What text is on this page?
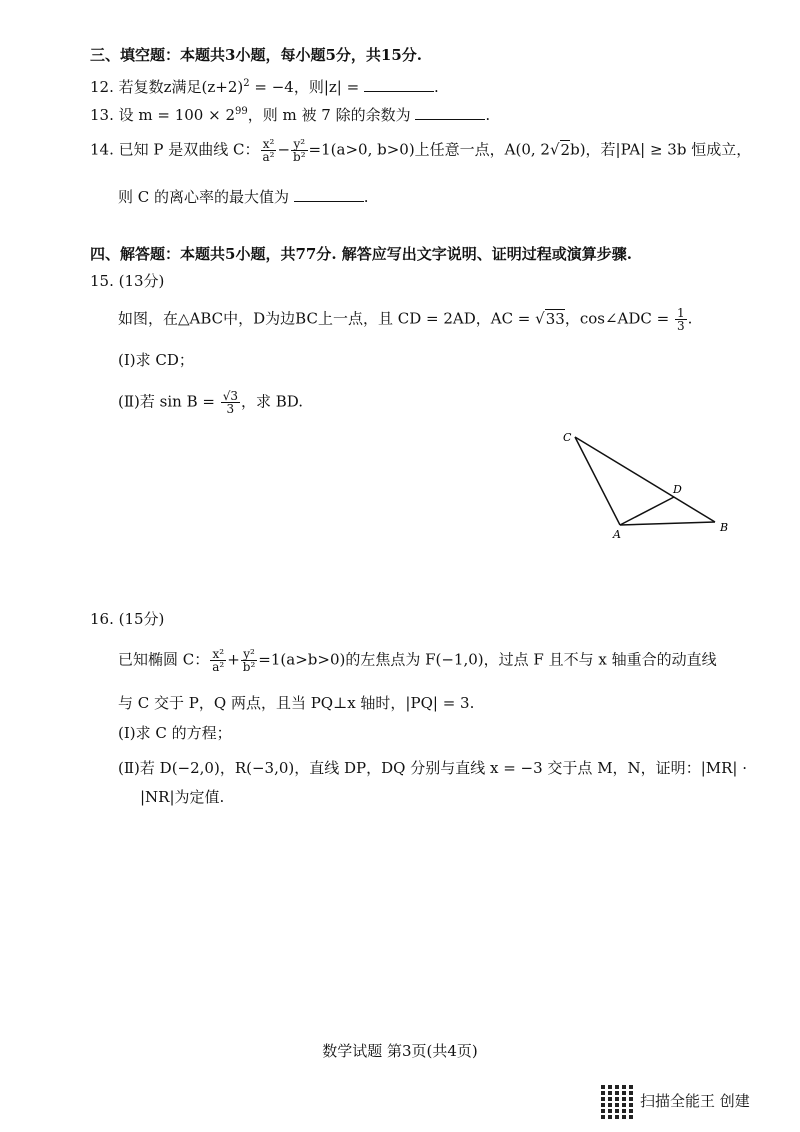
三、填空题：本题共3小题，每小题5分，共15分.
12. 若复数z满足$(z+2)^2 = -4$，则|z| =	.
13. 设 $m = 100 \times 2^{99}$，则 m 被 7 除的余数为	.
14. 已知 P 是双曲线 C： $\frac{\text{x²}}{\text{a²}} - \frac{\text{y²}}{\text{b²}} =1(a>0$, b>0)上任意一点，A(0, 2√2b)，若|PA| ≥ 3b 恒成立，
则 C 的离心率的最大值为	.
四、解答题：本题共5小题，共77分. 解答应写出文字说明、证明过程或演算步骤.
15. (13分)
如图，在△ABC中，D为边BC上一点，且 CD = 2AD，AC = √33，cos∠ADC = $\frac{1}{3}$ .
(Ⅰ)求 CD；
(Ⅱ)若 $\sin B = \frac{√3}{3}$ ，求 BD.
C
D
A
B
16. (15分)
已知椭圆 C： $\frac{\text{x²}}{\text{a²}} + \frac{\text{y²}}{\text{b²}} =1(a>b>0)$的左焦点为 F(−1,0)，过点 F 且不与 x 轴重合的动直线
与 C 交于 P，Q 两点，且当 PQ⊥x 轴时，|PQ| = 3.
(Ⅰ)求 C 的方程；
(Ⅱ)若 D(−2,0)，R(−3,0)，直线 DP，DQ 分别与直线 x = −3 交于点 M，N，证明：|MR| ·
|NR|为定值.
数学试题 第3页(共4页)
扫描全能王 创建
